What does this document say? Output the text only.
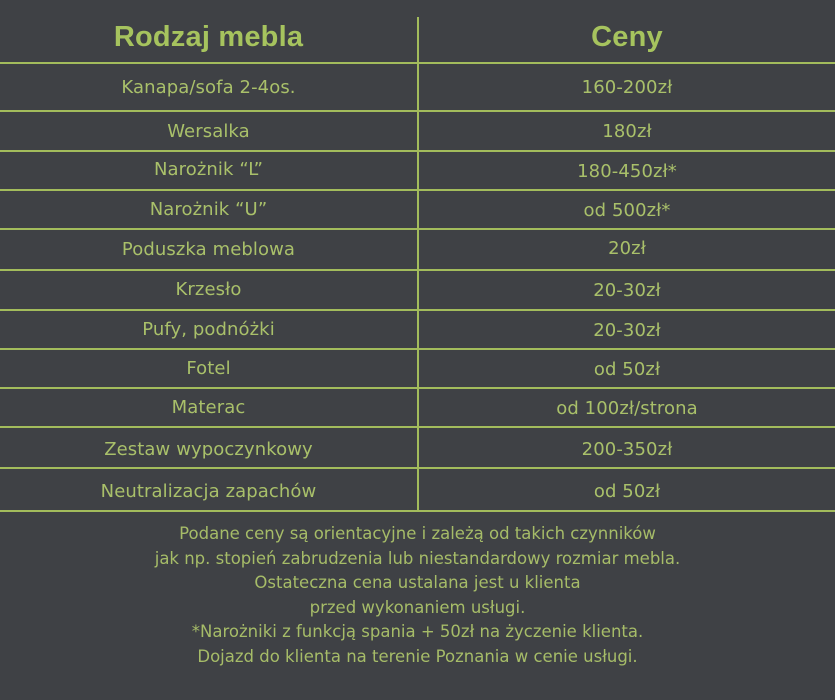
Rodzaj mebla	Ceny
Kanapa/sofa 2-4os.	160-200zł
Wersalka	180zł
Narożnik “L”	180-450zł*
Narożnik “U”	od 500zł*
Poduszka meblowa	20zł
Krzesło	20-30zł
Pufy, podnóżki	20-30zł
Fotel	od 50zł
Materac	od 100zł/strona
Zestaw wypoczynkowy	200-350zł
Neutralizacja zapachów	od 50zł
Podane ceny są orientacyjne i zależą od takich czynników
jak np. stopień zabrudzenia lub niestandardowy rozmiar mebla.
Ostateczna cena ustalana jest u klienta
przed wykonaniem usługi.
*Narożniki z funkcją spania + 50zł na życzenie klienta.
Dojazd do klienta na terenie Poznania w cenie usługi.
